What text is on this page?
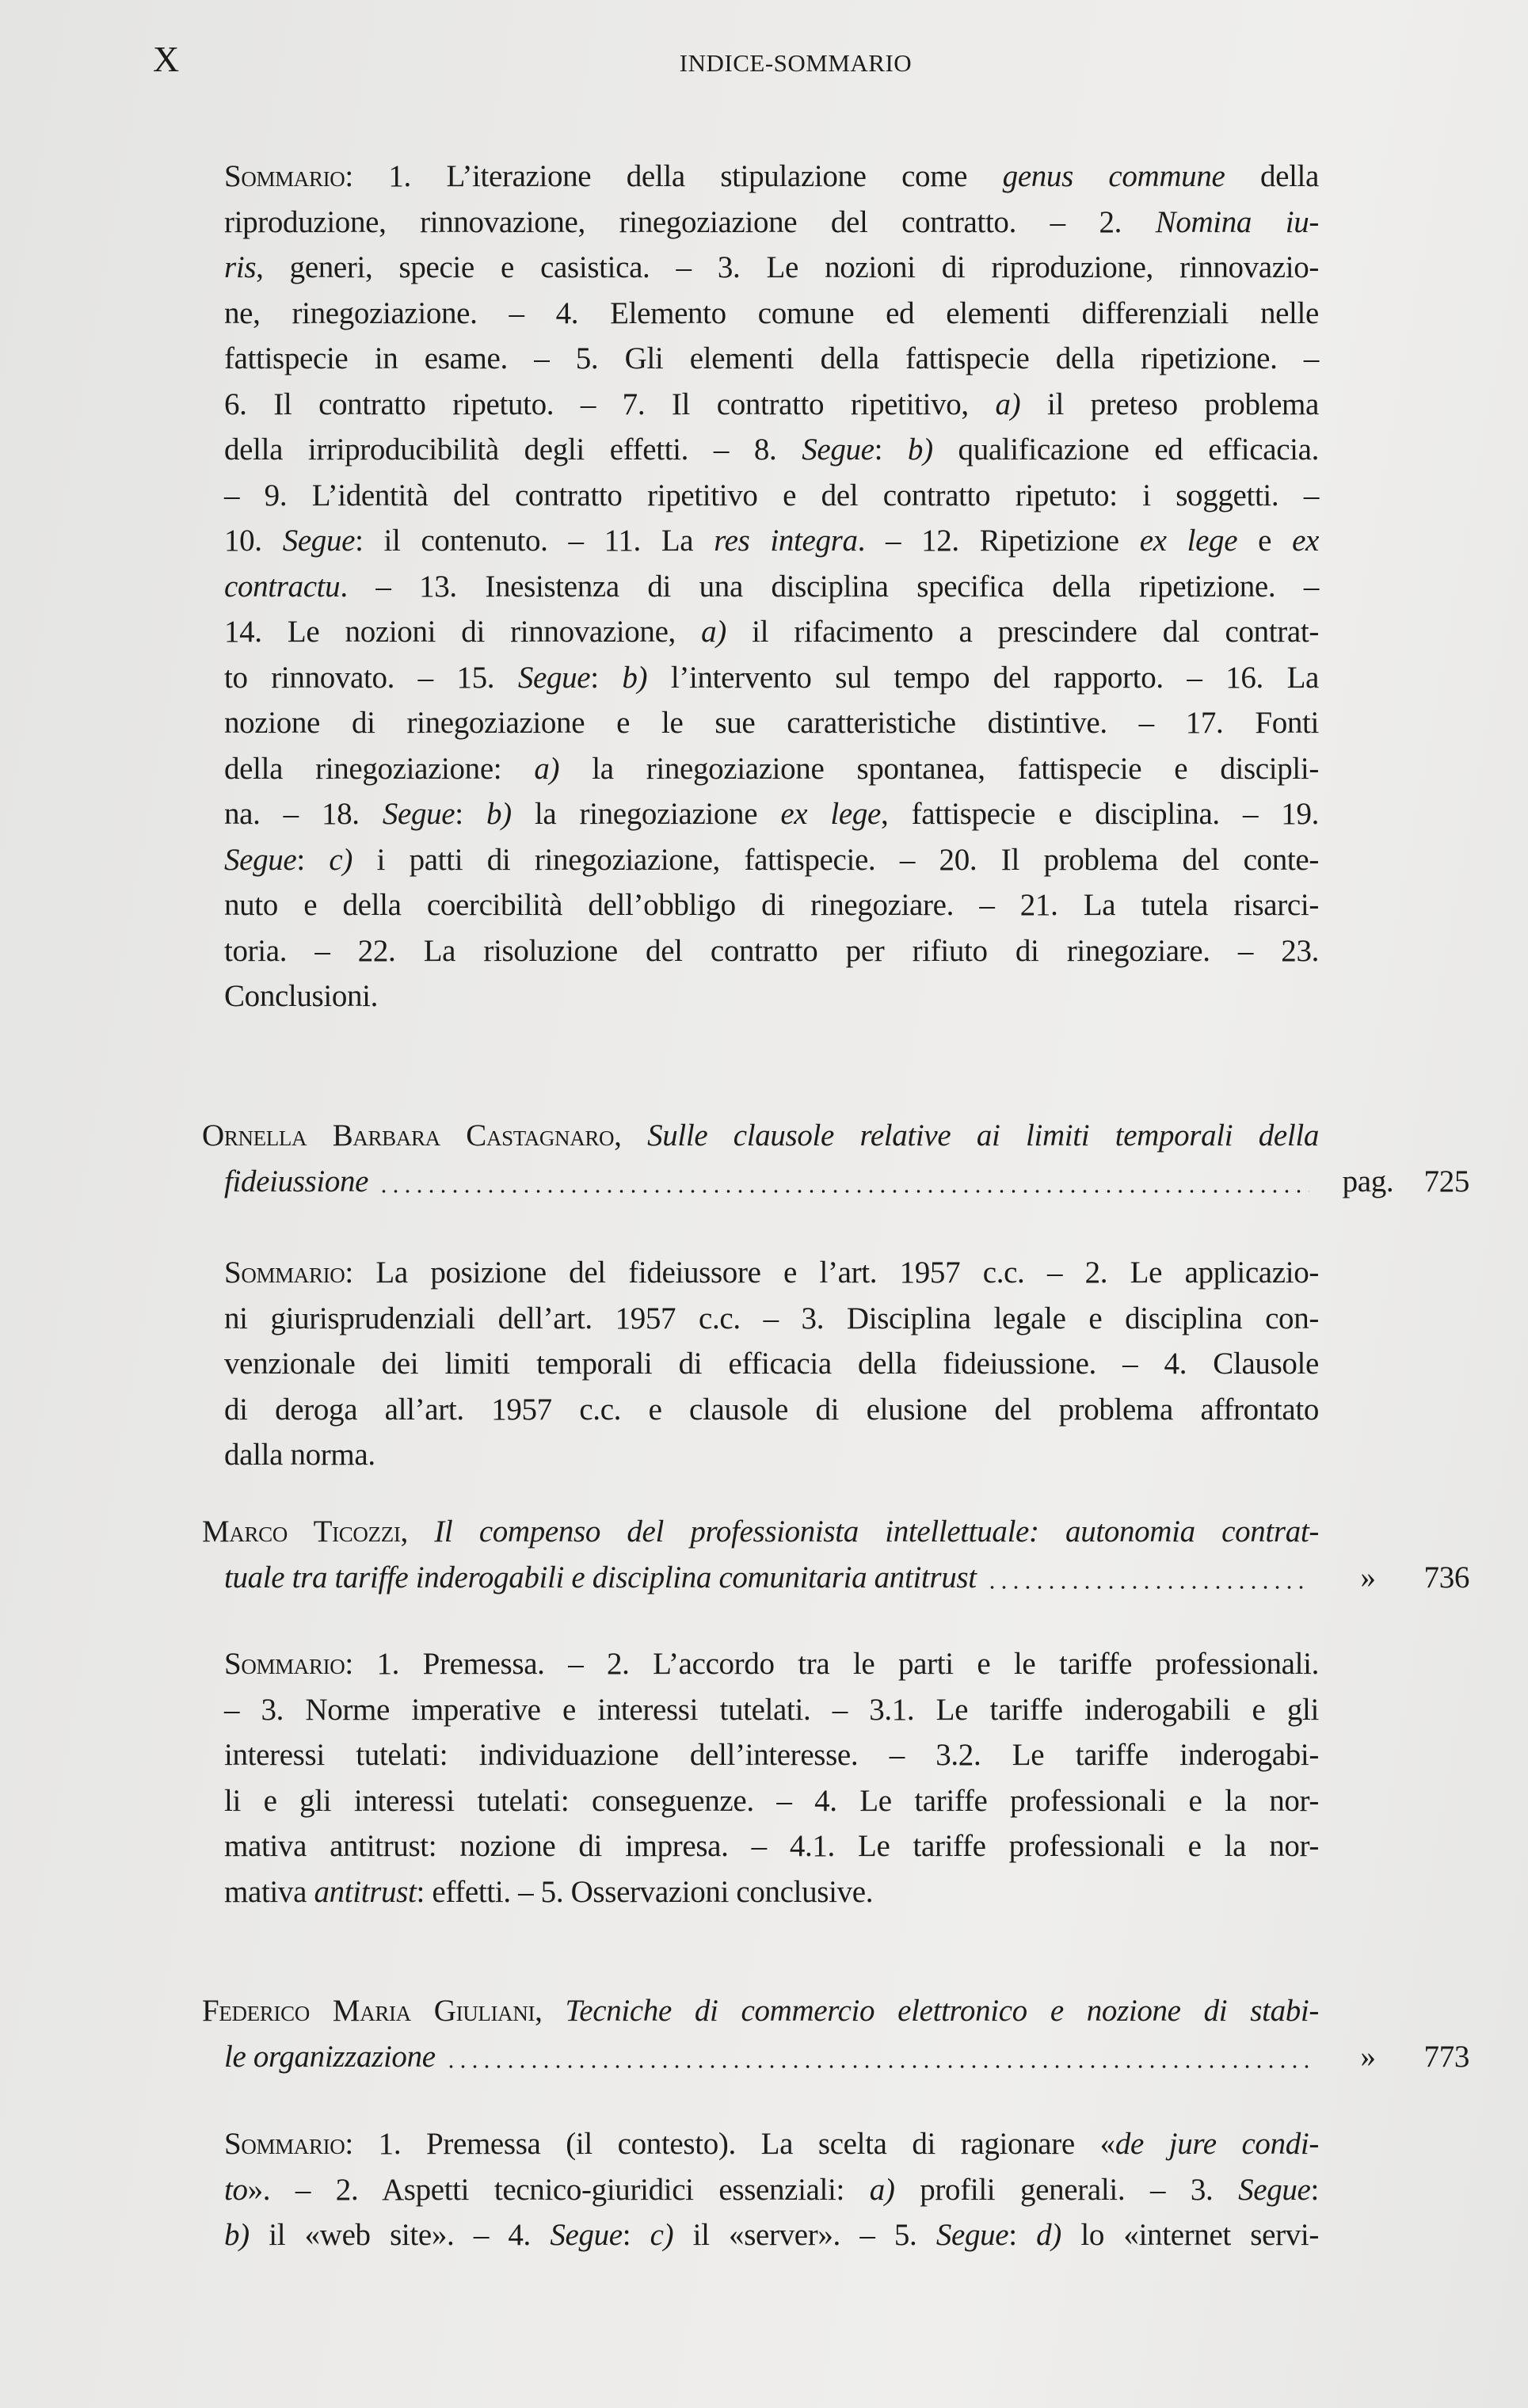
X	INDICE-SOMMARIO
Sommario: 1. L’iterazione della stipulazione come genus commune della
riproduzione, rinnovazione, rinegoziazione del contratto. – 2. Nomina iu-
ris, generi, specie e casistica. – 3. Le nozioni di riproduzione, rinnovazio-
ne, rinegoziazione. – 4. Elemento comune ed elementi differenziali nelle
fattispecie in esame. – 5. Gli elementi della fattispecie della ripetizione. –
6. Il contratto ripetuto. – 7. Il contratto ripetitivo, a) il preteso problema
della irriproducibilità degli effetti. – 8. Segue: b) qualificazione ed efficacia.
– 9. L’identità del contratto ripetitivo e del contratto ripetuto: i soggetti. –
10. Segue: il contenuto. – 11. La res integra. – 12. Ripetizione ex lege e ex
contractu. – 13. Inesistenza di una disciplina specifica della ripetizione. –
14. Le nozioni di rinnovazione, a) il rifacimento a prescindere dal contrat-
to rinnovato. – 15. Segue: b) l’intervento sul tempo del rapporto. – 16. La
nozione di rinegoziazione e le sue caratteristiche distintive. – 17. Fonti
della rinegoziazione: a) la rinegoziazione spontanea, fattispecie e discipli-
na. – 18. Segue: b) la rinegoziazione ex lege, fattispecie e disciplina. – 19.
Segue: c) i patti di rinegoziazione, fattispecie. – 20. Il problema del conte-
nuto e della coercibilità dell’obbligo di rinegoziare. – 21. La tutela risarci-
toria. – 22. La risoluzione del contratto per rifiuto di rinegoziare. – 23.
Conclusioni.
Ornella Barbara Castagnaro, Sulle clausole relative ai limiti temporali della
fideiussione	pag. 725
Sommario: La posizione del fideiussore e l’art. 1957 c.c. – 2. Le applicazio-
ni giurisprudenziali dell’art. 1957 c.c. – 3. Disciplina legale e disciplina con-
venzionale dei limiti temporali di efficacia della fideiussione. – 4. Clausole
di deroga all’art. 1957 c.c. e clausole di elusione del problema affrontato
dalla norma.
Marco Ticozzi, Il compenso del professionista intellettuale: autonomia contrat-
tuale tra tariffe inderogabili e disciplina comunitaria antitrust	»	736
Sommario: 1. Premessa. – 2. L’accordo tra le parti e le tariffe professionali.
– 3. Norme imperative e interessi tutelati. – 3.1. Le tariffe inderogabili e gli
interessi tutelati: individuazione dell’interesse. – 3.2. Le tariffe inderogabi-
li e gli interessi tutelati: conseguenze. – 4. Le tariffe professionali e la nor-
mativa antitrust: nozione di impresa. – 4.1. Le tariffe professionali e la nor-
mativa antitrust: effetti. – 5. Osservazioni conclusive.
Federico Maria Giuliani, Tecniche di commercio elettronico e nozione di stabi-
le organizzazione	»	773
Sommario: 1. Premessa (il contesto). La scelta di ragionare «de jure condi-
to». – 2. Aspetti tecnico-giuridici essenziali: a) profili generali. – 3. Segue:
b) il «web site». – 4. Segue: c) il «server». – 5. Segue: d) lo «internet servi-
